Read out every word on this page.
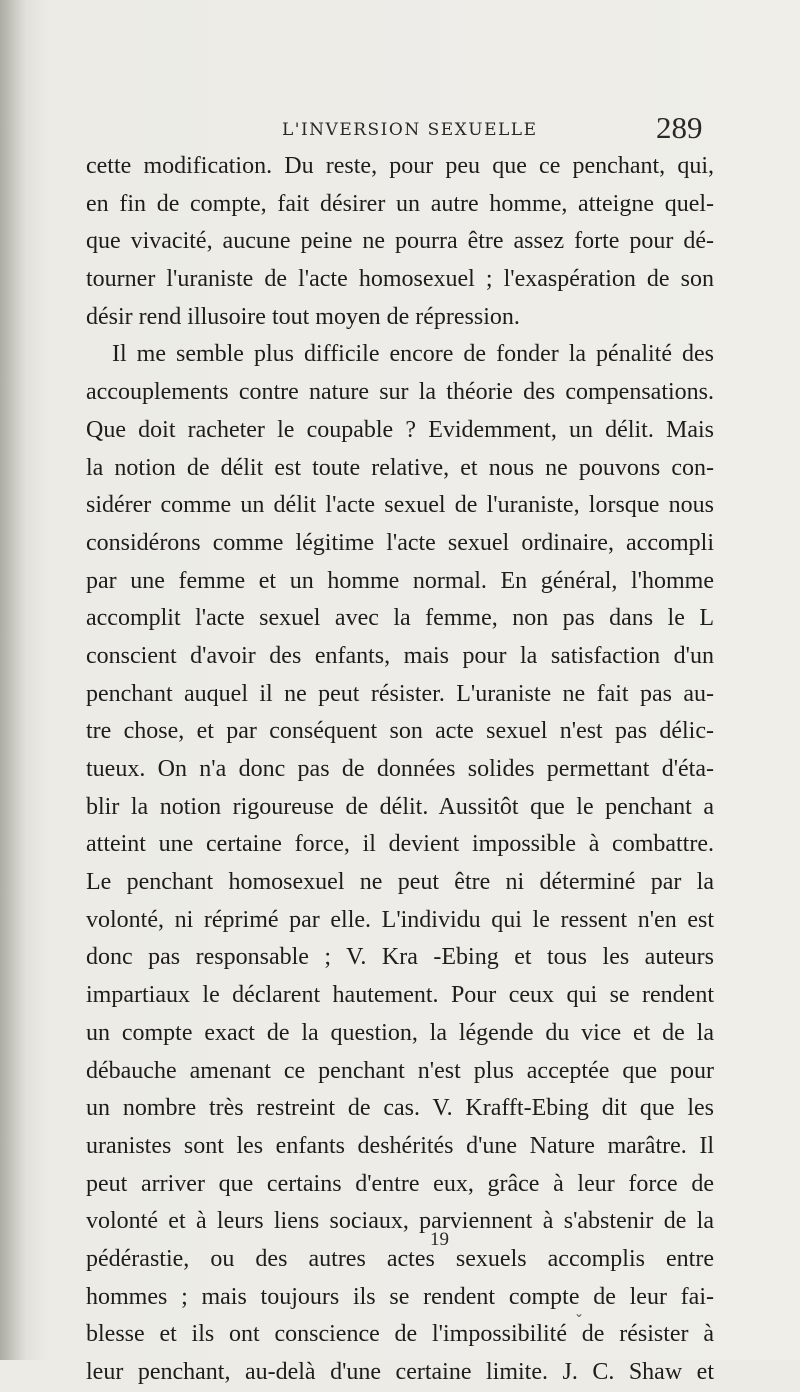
L'INVERSION SEXUELLE	289
cette modification. Du reste, pour peu que ce penchant, qui,
en fin de compte, fait désirer un autre homme, atteigne quel-
que vivacité, aucune peine ne pourra être assez forte pour dé-
tourner l'uraniste de l'acte homosexuel ; l'exaspération de son
désir rend illusoire tout moyen de répression.
Il me semble plus difficile encore de fonder la pénalité des
accouplements contre nature sur la théorie des compensations.
Que doit racheter le coupable ? Evidemment, un délit. Mais
la notion de délit est toute relative, et nous ne pouvons con-
sidérer comme un délit l'acte sexuel de l'uraniste, lorsque nous
considérons comme légitime l'acte sexuel ordinaire, accompli
par une femme et un homme normal. En général, l'homme
accomplit l'acte sexuel avec la femme, non pas dans le L
conscient d'avoir des enfants, mais pour la satisfaction d'un
penchant auquel il ne peut résister. L'uraniste ne fait pas au-
tre chose, et par conséquent son acte sexuel n'est pas délic-
tueux. On n'a donc pas de données solides permettant d'éta-
blir la notion rigoureuse de délit. Aussitôt que le penchant a
atteint une certaine force, il devient impossible à combattre.
Le penchant homosexuel ne peut être ni déterminé par la
volonté, ni réprimé par elle. L'individu qui le ressent n'en est
donc pas responsable ; V. Kra -Ebing et tous les auteurs
impartiaux le déclarent hautement. Pour ceux qui se rendent
un compte exact de la question, la légende du vice et de la
débauche amenant ce penchant n'est plus acceptée que pour
un nombre très restreint de cas. V. Krafft-Ebing dit que les
uranistes sont les enfants deshérités d'une Nature marâtre. Il
peut arriver que certains d'entre eux, grâce à leur force de
volonté et à leurs liens sociaux, parviennent à s'abstenir de la
pédérastie, ou des autres actes sexuels accomplis entre
hommes ; mais toujours ils se rendent compte de leur fai-
blesse et ils ont conscience de l'impossibilité de résister à
leur penchant, au-delà d'une certaine limite. J. C. Shaw et
19
⌄
